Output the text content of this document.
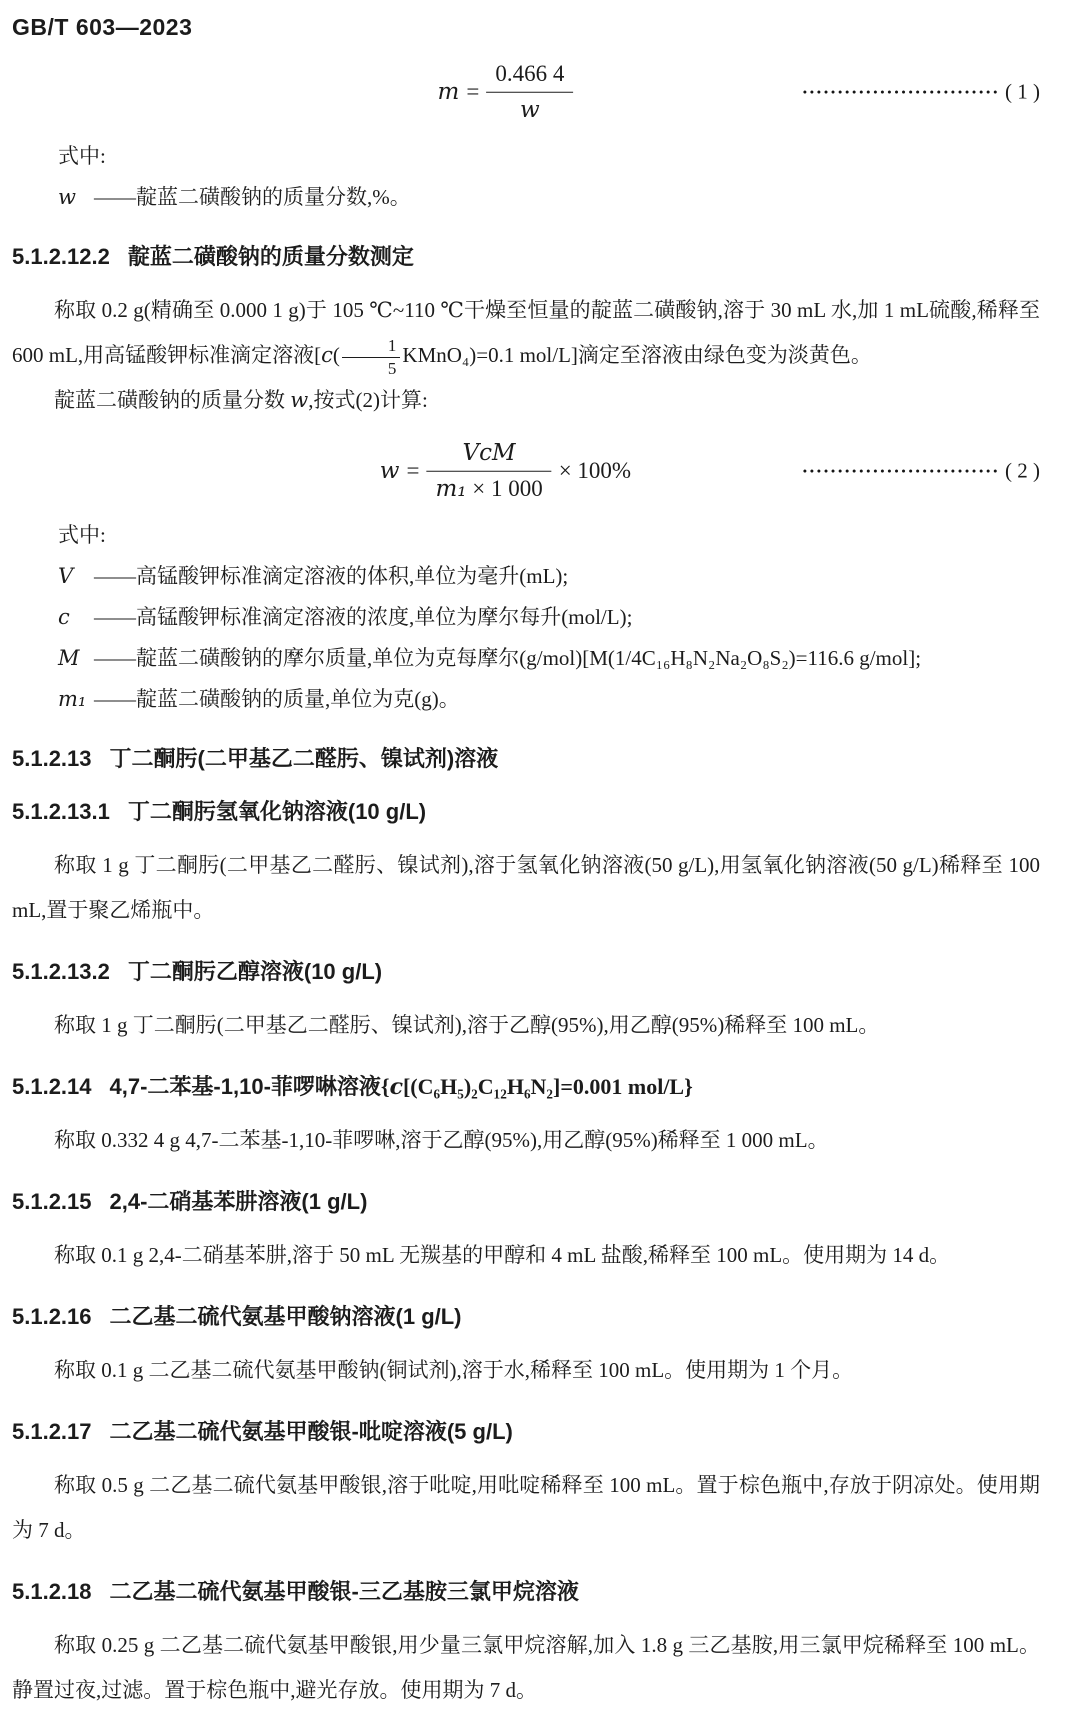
GB/T 603—2023
$m = \frac{0.466 4}{w}$	•••••••••••••••••••••••••••• ( 1 )
式中:
w ——靛蓝二磺酸钠的质量分数,%。
5.1.2.12.2 靛蓝二磺酸钠的质量分数测定

称取 0.2 g(精确至 0.000 1 g)于 105 ℃~110 ℃干燥至恒量的靛蓝二磺酸钠,溶于 30 mL 水,加 1 mL硫酸,稀释至 600 mL,用高锰酸钾标准滴定溶液[$c( \frac{1}{5}$ KMnO₄)=0.1 mol/L]滴定至溶液由绿色变为淡黄色。

靛蓝二磺酸钠的质量分数 w,按式(2)计算:

$w = \frac{\text{VcM}}{\text{m₁ × 1 000}} \times 100\%$	•••••••••••••••••••••••••••• ( 2 )
式中:
V ——高锰酸钾标准滴定溶液的体积,单位为毫升(mL);
c ——高锰酸钾标准滴定溶液的浓度,单位为摩尔每升(mol/L);
M ——靛蓝二磺酸钠的摩尔质量,单位为克每摩尔(g/mol)[M(1/4C₁₆H₈N₂Na₂O₈S₂)=116.6 g/mol];
m₁ ——靛蓝二磺酸钠的质量,单位为克(g)。
5.1.2.13 丁二酮肟(二甲基乙二醛肟、镍试剂)溶液
5.1.2.13.1 丁二酮肟氢氧化钠溶液(10 g/L)

称取 1 g 丁二酮肟(二甲基乙二醛肟、镍试剂),溶于氢氧化钠溶液(50 g/L),用氢氧化钠溶液(50 g/L)稀释至 100 mL,置于聚乙烯瓶中。

5.1.2.13.2 丁二酮肟乙醇溶液(10 g/L)

称取 1 g 丁二酮肟(二甲基乙二醛肟、镍试剂),溶于乙醇(95%),用乙醇(95%)稀释至 100 mL。

5.1.2.14 4,7-二苯基-1,10-菲啰啉溶液{c[(C₆H₅)₂C₁₂H₆N₂]=0.001 mol/L}

称取 0.332 4 g 4,7-二苯基-1,10-菲啰啉,溶于乙醇(95%),用乙醇(95%)稀释至 1 000 mL。

5.1.2.15 2,4-二硝基苯肼溶液(1 g/L)

称取 0.1 g 2,4-二硝基苯肼,溶于 50 mL 无羰基的甲醇和 4 mL 盐酸,稀释至 100 mL。使用期为 14 d。

5.1.2.16 二乙基二硫代氨基甲酸钠溶液(1 g/L)

称取 0.1 g 二乙基二硫代氨基甲酸钠(铜试剂),溶于水,稀释至 100 mL。使用期为 1 个月。

5.1.2.17 二乙基二硫代氨基甲酸银-吡啶溶液(5 g/L)

称取 0.5 g 二乙基二硫代氨基甲酸银,溶于吡啶,用吡啶稀释至 100 mL。置于棕色瓶中,存放于阴凉处。使用期为 7 d。

5.1.2.18 二乙基二硫代氨基甲酸银-三乙基胺三氯甲烷溶液

称取 0.25 g 二乙基二硫代氨基甲酸银,用少量三氯甲烷溶解,加入 1.8 g 三乙基胺,用三氯甲烷稀释至 100 mL。静置过夜,过滤。置于棕色瓶中,避光存放。使用期为 7 d。
